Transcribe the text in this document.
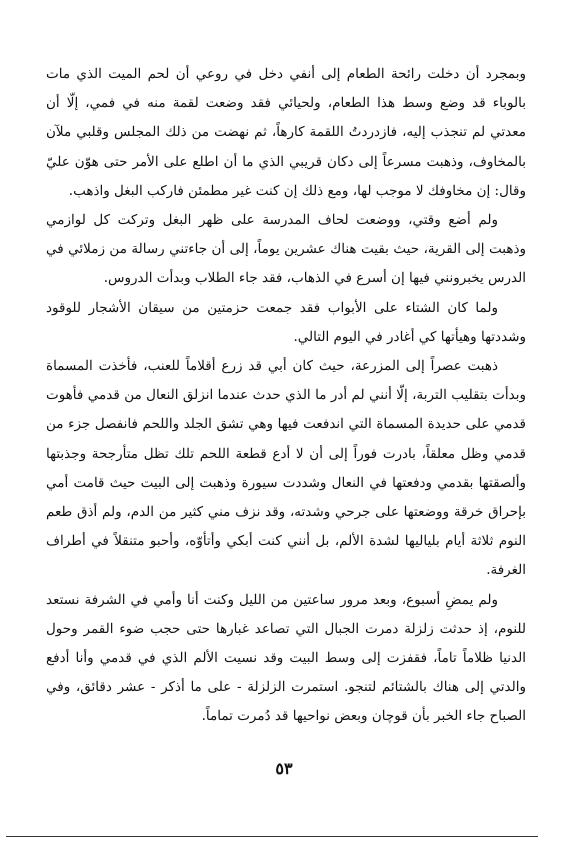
وبمجرد أن دخلت رائحة الطعام إلى أنفي دخل في روعي أن لحم الميت الذي مات بالوباء قد وضع وسط هذا الطعام، ولحيائي فقد وضعت لقمة منه في فمي، إلّا أن معدتي لم تنجذب إليه، فازدردتُ اللقمة كارهاً، ثم نهضت من ذلك المجلس وقلبي ملآن بالمخاوف، وذهبت مسرعاً إلى دكان قريبي الذي ما أن اطلع على الأمر حتى هوّن عليّ وقال: إن مخاوفك لا موجب لها، ومع ذلك إن كنت غير مطمئن فاركب البغل واذهب.

ولم أضع وقتي، ووضعت لحاف المدرسة على ظهر البغل وتركت كل لوازمي وذهبت إلى القرية، حيث بقيت هناك عشرين يوماً، إلى أن جاءتني رسالة من زملائي في الدرس يخبرونني فيها إن أسرع في الذهاب، فقد جاء الطلاب وبدأت الدروس.

ولما كان الشتاء على الأبواب فقد جمعت حزمتين من سيقان الأشجار للوقود وشددتها وهيأتها كي أغادر في اليوم التالي.

ذهبت عصراً إلى المزرعة، حيث كان أبي قد زرع أقلاماً للعنب، فأخذت المسماة وبدأت بتقليب التربة، إلّا أنني لم أدر ما الذي حدث عندما انزلق النعال من قدمي فأهوت قدمي على حديدة المسماة التي اندفعت فيها وهي تشق الجلد واللحم فانفصل جزء من قدمي وظل معلقاً، بادرت فوراً إلى أن لا أدع قطعة اللحم تلك تظل متأرجحة وجذبتها وألصقتها بقدمي ودفعتها في النعال وشددت سيورة وذهبت إلى البيت حيث قامت أمي بإحراق خرقة ووضعتها على جرحي وشدته، وقد نزف مني كثير من الدم، ولم أذق طعم النوم ثلاثة أيام بلياليها لشدة الألم، بل أنني كنت أبكي وأتأوّه، وأحبو متنقلاً في أطراف الغرفة.

ولم يمضِ أسبوع، وبعد مرور ساعتين من الليل وكنت أنا وأمي في الشرفة نستعد للنوم، إذ حدثت زلزلة دمرت الجبال التي تصاعد غبارها حتى حجب ضوء القمر وحول الدنيا ظلاماً تاماً، فقفزت إلى وسط البيت وقد نسيت الألم الذي في قدمي وأنا أدفع والدتي إلى هناك بالشتائم لتنجو. استمرت الزلزلة - على ما أذكر - عشر دقائق، وفي الصباح جاء الخبر بأن قوچان وبعض نواحيها قد دُمرت تماماً.

٥٣
